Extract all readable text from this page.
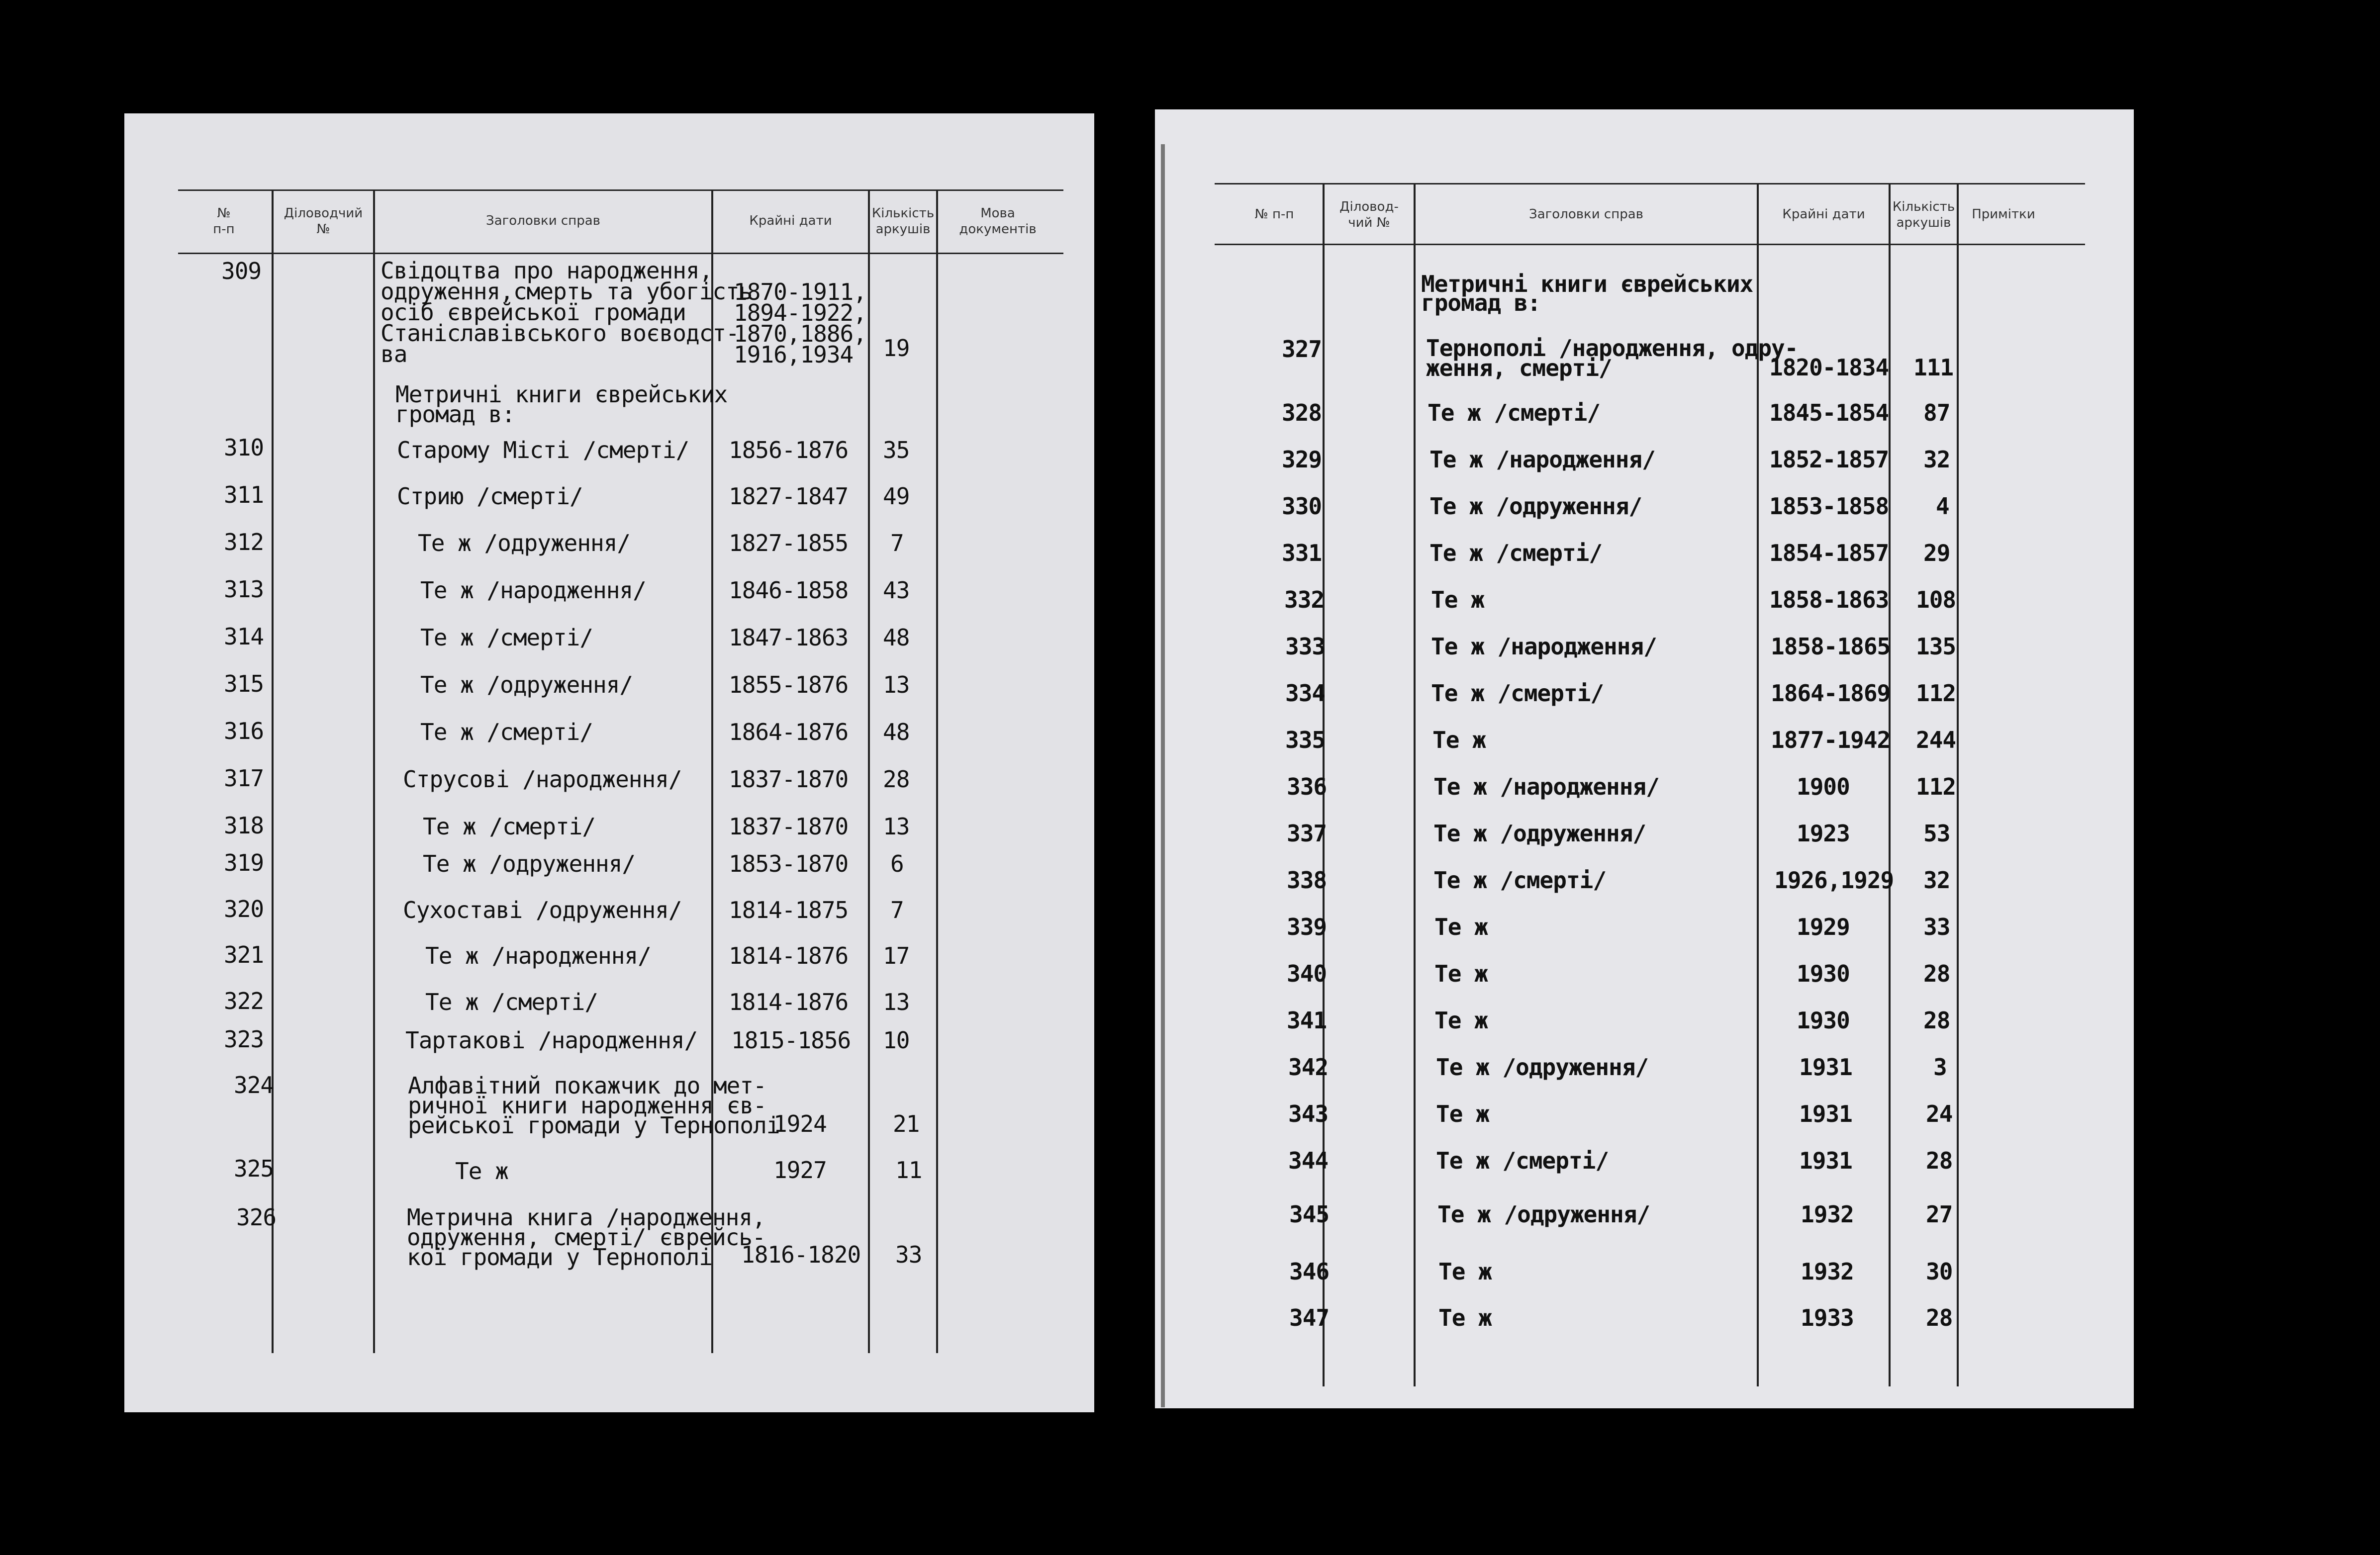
№
п-п
Діловодчий
№
Заголовки справ	Крайні дати	Кількість
аркушів
Мова
документів
309	Свідоцтва про народження,
одруження,смерть та убогість
осіб єврейської громади
Станіславівського воєводст-
ва
1870-1911,
1894-1922,
1870,1886,
1916,1934	19
Метричні книги єврейських
громад в:
310	Старому Місті /смерті/ 1856-1876 35
311	Стрию /смерті/	1827-1847 49
312	Те ж /одруження/	1827-1855 7
313	Те ж /народження/	1846-1858 43
314	Те ж /смерті/	1847-1863 48
315	Те ж /одруження/	1855-1876 13
316	Те ж /смерті/	1864-1876 48
317	Струсові /народження/ 1837-1870 28
318	Те ж /смерті/	1837-1870 13
319	Те ж /одруження/	1853-1870 6
320	Сухоставі /одруження/ 1814-1875 7
321	Те ж /народження/	1814-1876 17
322	Те ж /смерті/	1814-1876 13
323	Тартакові /народження/ 1815-1856 10
324	Алфавітний покажчик до мет-
ричної книги народження єв-
рейської громади у Тернополі
1924	21
325	Те ж	1927	11
326	Метрична книга /народження,
одруження, смерті/ єврейсь-
кої громади у Тернополі	1816-1820 33
№ п-п	Діловод-
чий №
Заголовки справ	Крайні дати	Кількість
аркушів
Примітки
Метричні книги єврейських
громад в:
327	Тернополі /народження, одру-
ження, смерті/	1820-1834 111
328	Те ж /смерті/	1845-1854 87
329	Те ж /народження/	1852-1857 32
330	Те ж /одруження/	1853-1858 4
331	Те ж /смерті/	1854-1857 29
332	Те ж	1858-1863 108
333	Те ж /народження/	1858-1865 135
334	Те ж /смерті/	1864-1869 112
335	Те ж	1877-1942 244
336	Те ж /народження/	1900	112
337	Те ж /одруження/	1923	53
338	Те ж /смерті/	1926,1929 32
339	Те ж	1929	33
340	Те ж	1930	28
341	Те ж	1930	28
342	Те ж /одруження/	1931	3
343	Те ж	1931	24
344	Те ж /смерті/	1931	28
345	Те ж /одруження/	1932	27
346	Те ж	1932	30
347	Те ж	1933	28
